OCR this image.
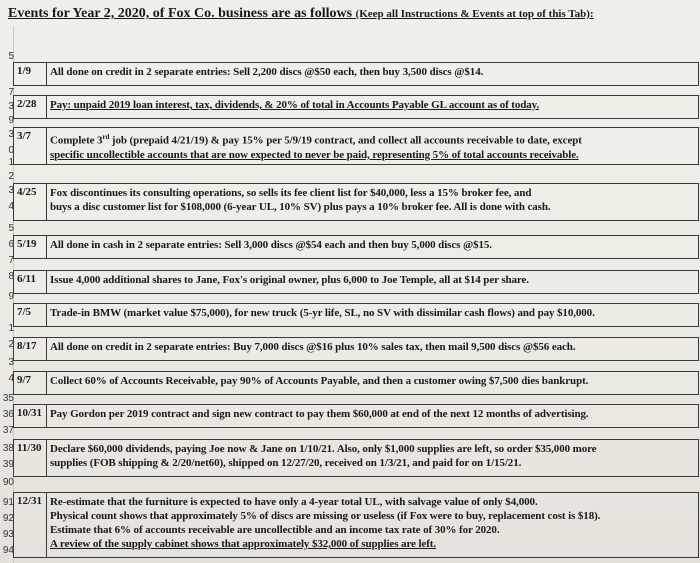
Events for Year 2, 2020, of Fox Co. business are as follows (Keep all Instructions & Events at top of this Tab):
5
3
7
3
9
0
1
2
3
4
5
6
7
8
9
1
2
3
4
35
36
37
38
39
90
91
92
93
94
1/9	All done on credit in 2 separate entries: Sell 2,200 discs @$50 each, then buy 3,500 discs @$14.
2/28	Pay: unpaid 2019 loan interest, tax, dividends, & 20% of total in Accounts Payable GL account as of today.
3/7	Complete 3rd job (prepaid 4/21/19) & pay 15% per 5/9/19 contract, and collect all accounts receivable to date, except
specific uncollectible accounts that are now expected to never be paid, representing 5% of total accounts receivable.
4/25	Fox discontinues its consulting operations, so sells its fee client list for $40,000, less a 15% broker fee, and
buys a disc customer list for $108,000 (6-year UL, 10% SV) plus pays a 10% broker fee. All is done with cash.
5/19	All done in cash in 2 separate entries: Sell 3,000 discs @$54 each and then buy 5,000 discs @$15.
6/11	Issue 4,000 additional shares to Jane, Fox's original owner, plus 6,000 to Joe Temple, all at $14 per share.
7/5	Trade-in BMW (market value $75,000), for new truck (5-yr life, SL, no SV with dissimilar cash flows) and pay $10,000.
8/17	All done on credit in 2 separate entries: Buy 7,000 discs @$16 plus 10% sales tax, then mail 9,500 discs @$56 each.
9/7	Collect 60% of Accounts Receivable, pay 90% of Accounts Payable, and then a customer owing $7,500 dies bankrupt.
10/31 Pay Gordon per 2019 contract and sign new contract to pay them $60,000 at end of the next 12 months of advertising.
11/30 Declare $60,000 dividends, paying Joe now & Jane on 1/10/21. Also, only $1,000 supplies are left, so order $35,000 more
supplies (FOB shipping & 2/20/net60), shipped on 12/27/20, received on 1/3/21, and paid for on 1/15/21.
12/31 Re-estimate that the furniture is expected to have only a 4-year total UL, with salvage value of only $4,000.
Physical count shows that approximately 5% of discs are missing or useless (if Fox were to buy, replacement cost is $18).
Estimate that 6% of accounts receivable are uncollectible and an income tax rate of 30% for 2020.
A review of the supply cabinet shows that approximately $32,000 of supplies are left.
